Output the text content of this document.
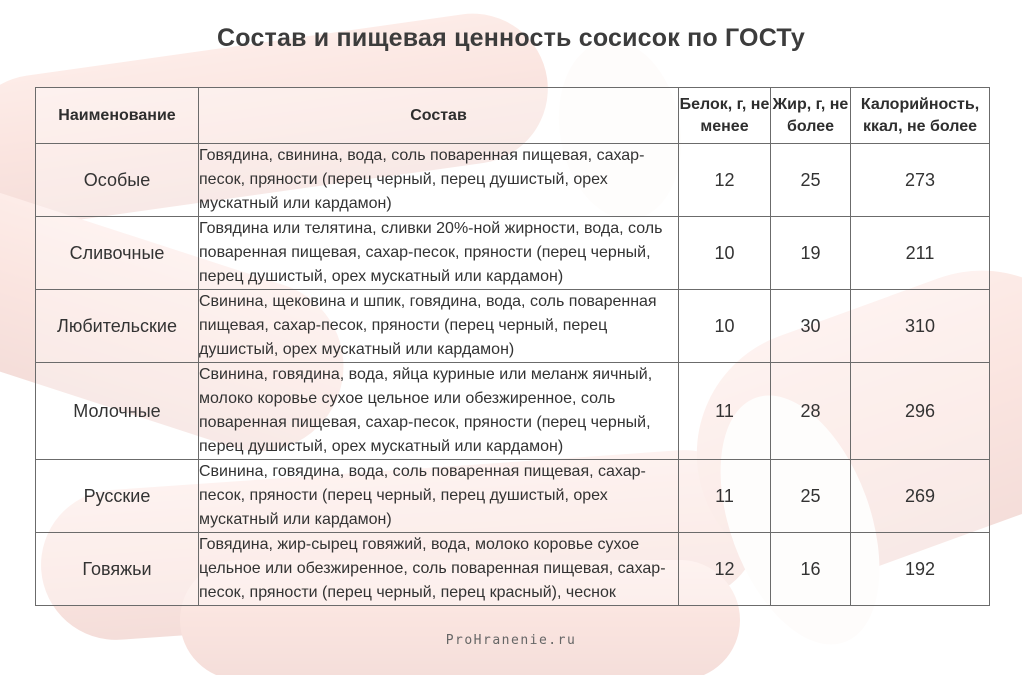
Состав и пищевая ценность сосисок по ГОСТу
Наименование	Состав	Белок, г, не менее	Жир, г, не более	Калорийность, ккал, не более
Особые	Говядина, свинина, вода, соль поваренная пищевая, сахар-песок, пряности (перец черный, перец душистый, орех мускатный или кардамон)	12	25	273
Сливочные	Говядина или телятина, сливки 20%-ной жирности, вода, соль поваренная пищевая, сахар-песок, пряности (перец черный, перец душистый, орех мускатный или кардамон)	10	19	211
Любительские	Свинина, щековина и шпик, говядина, вода, соль поваренная пищевая, сахар-песок, пряности (перец черный, перец душистый, орех мускатный или кардамон)	10	30	310
Молочные	Свинина, говядина, вода, яйца куриные или меланж яичный, молоко коровье сухое цельное или обезжиренное, соль поваренная пищевая, сахар-песок, пряности (перец черный, перец душистый, орех мускатный или кардамон)	11	28	296
Русские	Свинина, говядина, вода, соль поваренная пищевая, сахар-песок, пряности (перец черный, перец душистый, орех мускатный или кардамон)	11	25	269
Говяжьи	Говядина, жир-сырец говяжий, вода, молоко коровье сухое цельное или обезжиренное, соль поваренная пищевая, сахар-песок, пряности (перец черный, перец красный), чеснок	12	16	192
ProHranenie.ru
